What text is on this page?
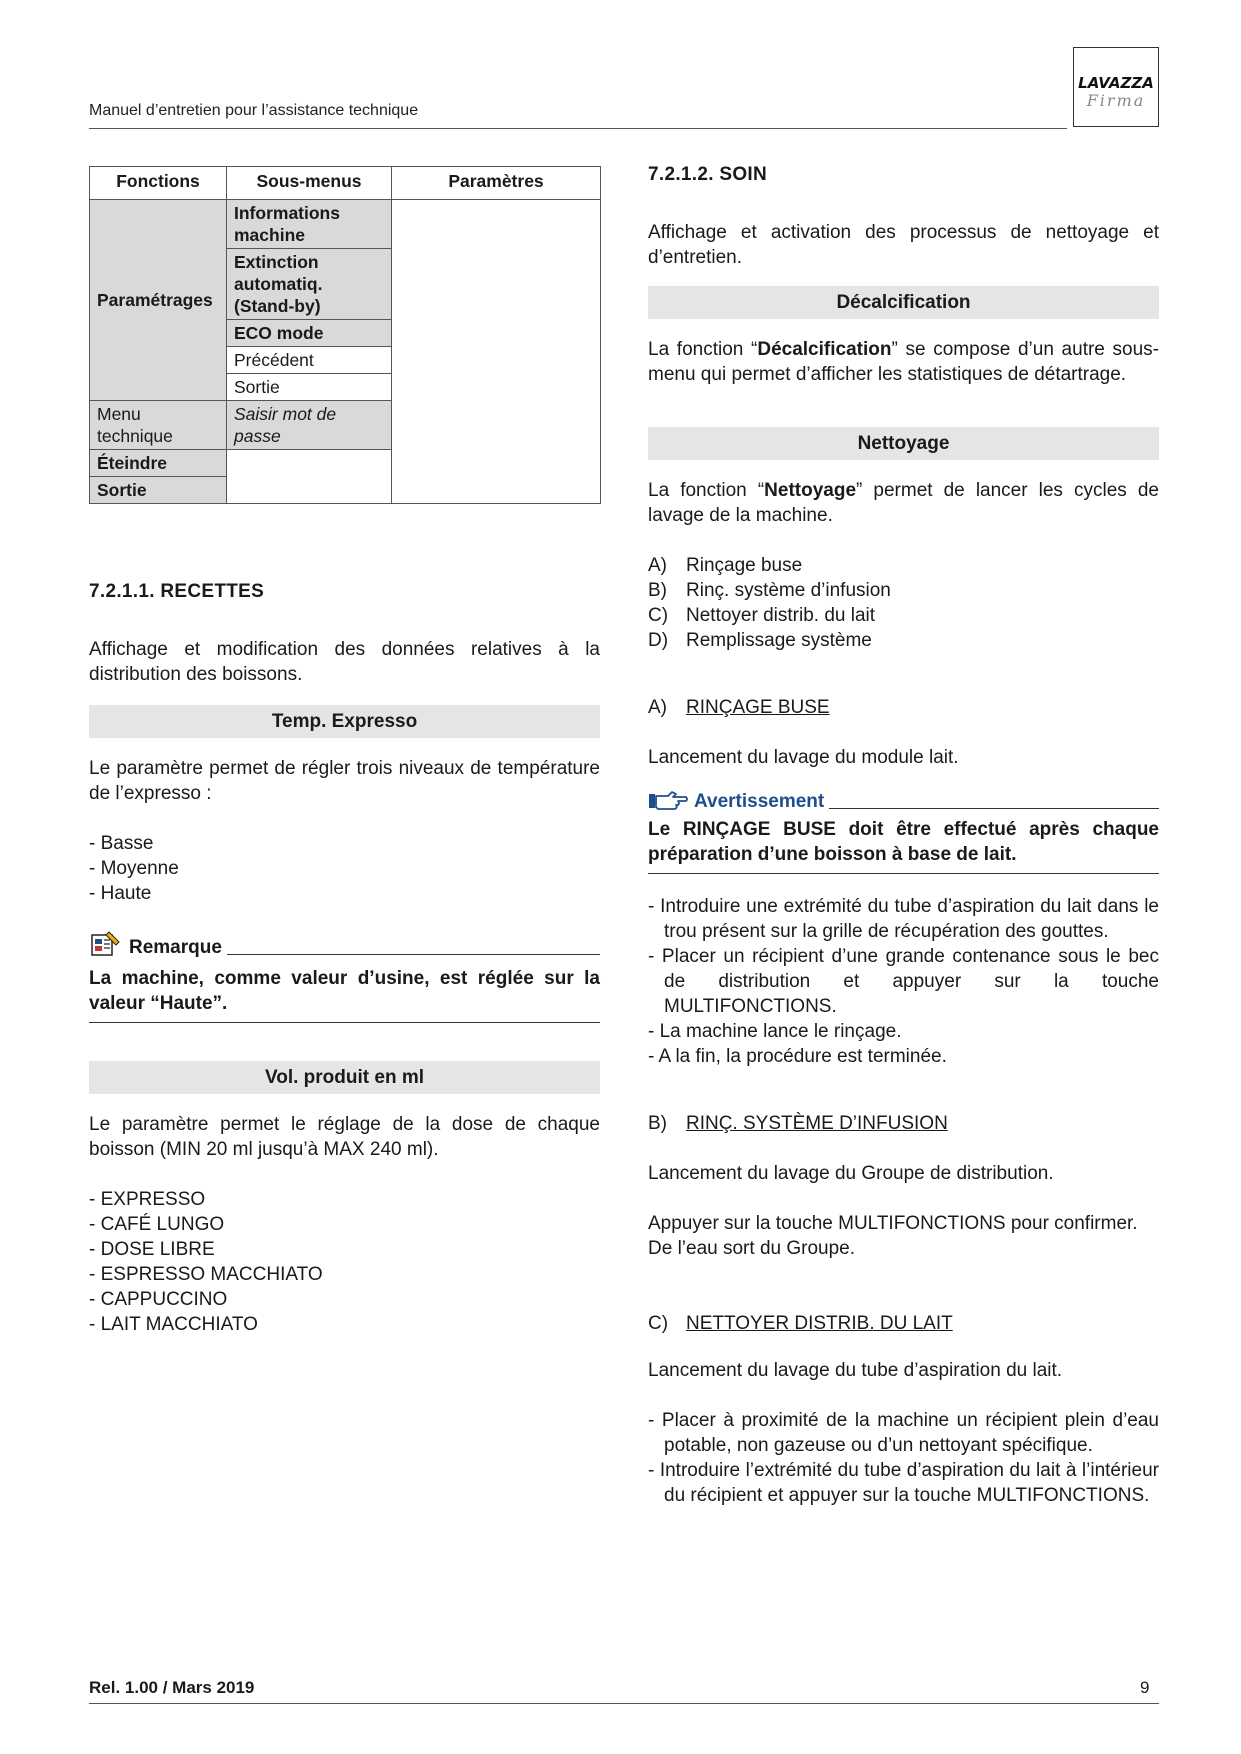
Manuel d’entretien pour l’assistance technique
LAVAZZA
Firma
Fonctions	Sous-menus	Paramètres
Paramétrages	Informations machine	
	Extinction automatiq. (Stand-by)	
	ECO mode	
	Précédent	
	Sortie	
Menu technique	Saisir mot de passe	
Éteindre		
Sortie		

7.2.1.1. RECETTES

Affichage et modification des données relatives à la distribution des boissons.

Temp. Expresso

Le paramètre permet de régler trois niveaux de température de l’expresso :

- Basse
- Moyenne
- Haute
Remarque

La machine, comme valeur d’usine, est réglée sur la valeur “Haute”.

Vol. produit en ml

Le paramètre permet le réglage de la dose de chaque boisson (MIN 20 ml jusqu’à MAX 240 ml).

- EXPRESSO
- CAFÉ LUNGO
- DOSE LIBRE
- ESPRESSO MACCHIATO
- CAPPUCCINO
- LAIT MACCHIATO

7.2.1.2. SOIN

Affichage et activation des processus de nettoyage et d’entretien.

Décalcification

La fonction “Décalcification” se compose d’un autre sous-menu qui permet d’afficher les statistiques de détartrage.

Nettoyage

La fonction “Nettoyage” permet de lancer les cycles de lavage de la machine.

A) Rinçage buse
B) Rinç. système d’infusion
C) Nettoyer distrib. du lait
D) Remplissage système

A) RINÇAGE BUSE

Lancement du lavage du module lait.

Avertissement

Le RINÇAGE BUSE doit être effectué après chaque préparation d’une boisson à base de lait.

- Introduire une extrémité du tube d’aspiration du lait dans le trou présent sur la grille de récupération des gouttes.
- Placer un récipient d’une grande contenance sous le bec de distribution et appuyer sur la touche MULTIFONCTIONS.
- La machine lance le rinçage.
- A la fin, la procédure est terminée.

B) RINÇ. SYSTÈME D’INFUSION

Lancement du lavage du Groupe de distribution.

Appuyer sur la touche MULTIFONCTIONS pour confirmer.

De l’eau sort du Groupe.

C) NETTOYER DISTRIB. DU LAIT

Lancement du lavage du tube d’aspiration du lait.

- Placer à proximité de la machine un récipient plein d’eau potable, non gazeuse ou d’un nettoyant spécifique.
- Introduire l’extrémité du tube d’aspiration du lait à l’intérieur du récipient et appuyer sur la touche MULTIFONCTIONS.
Rel. 1.00 / Mars 2019	9
